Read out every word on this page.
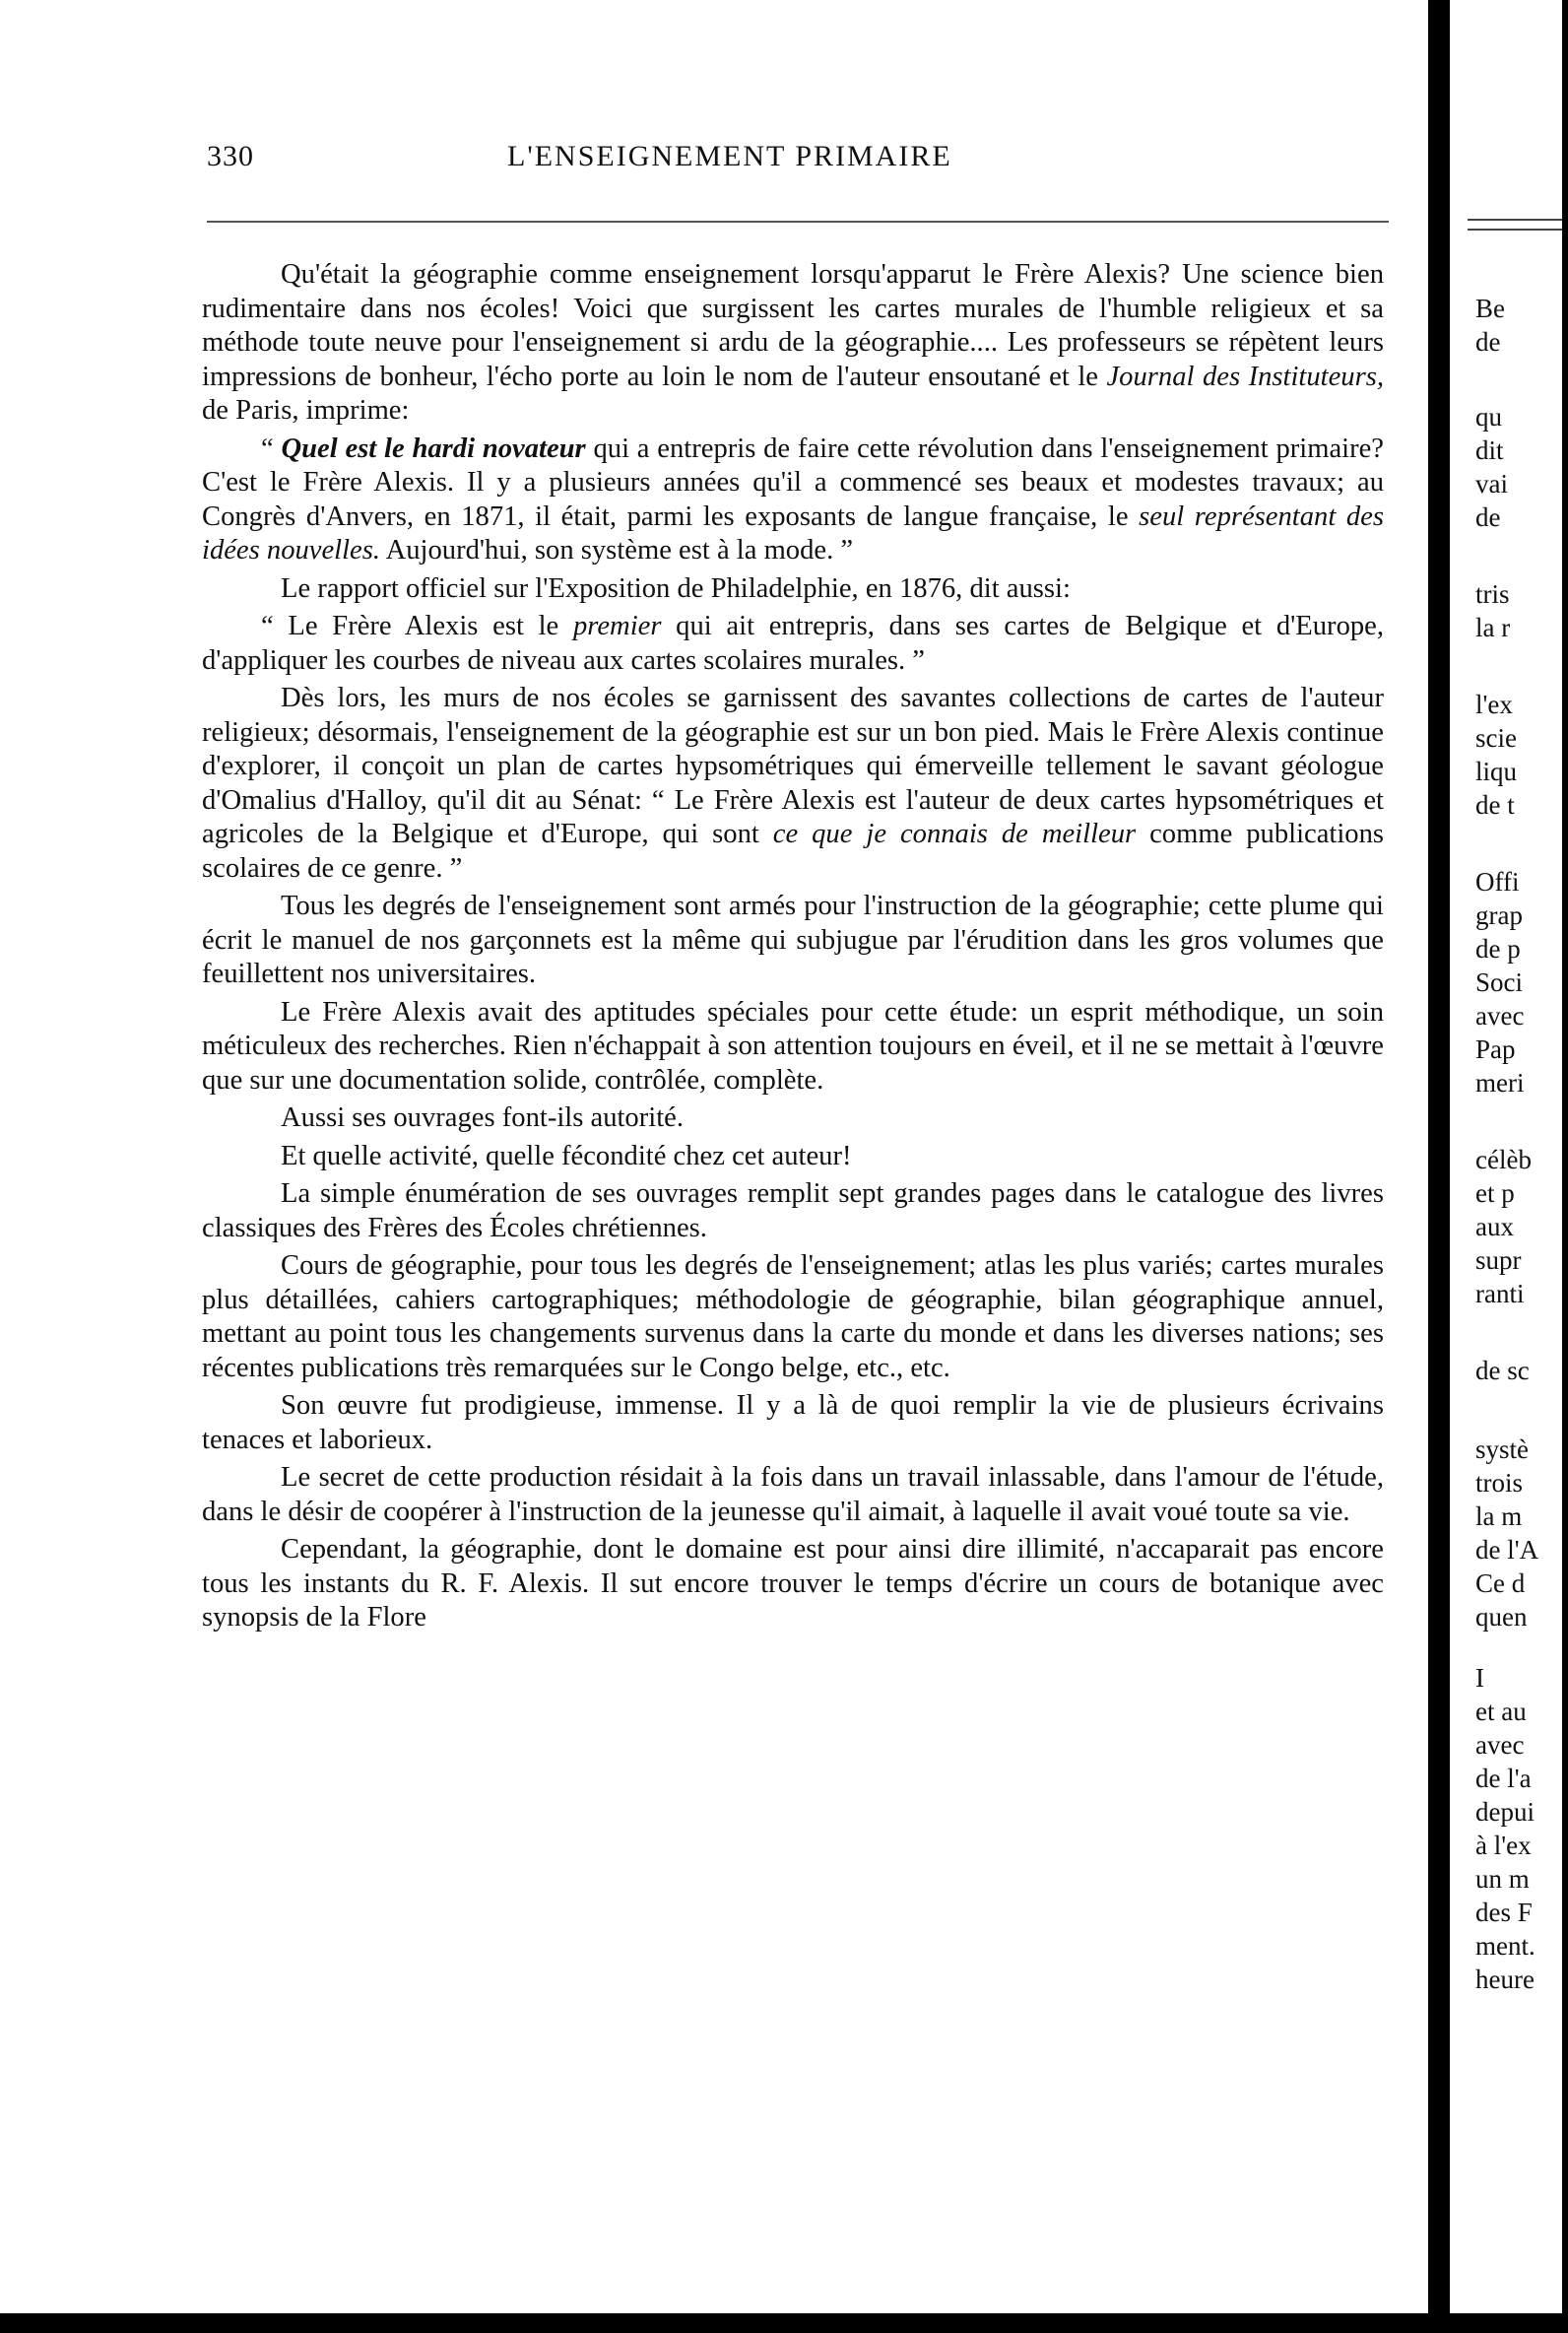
330	L'ENSEIGNEMENT PRIMAIRE

Qu'était la géographie comme enseignement lorsqu'apparut le Frère Alexis? Une science bien rudimentaire dans nos écoles! Voici que surgissent les cartes murales de l'humble religieux et sa méthode toute neuve pour l'enseignement si ardu de la géographie.... Les professeurs se répètent leurs impressions de bonheur, l'écho porte au loin le nom de l'auteur ensoutané et le Journal des Instituteurs, de Paris, imprime:

“ Quel est le hardi novateur qui a entrepris de faire cette révolution dans l'enseignement primaire? C'est le Frère Alexis. Il y a plusieurs années qu'il a commencé ses beaux et modestes travaux; au Congrès d'Anvers, en 1871, il était, parmi les exposants de langue française, le seul représentant des idées nouvelles. Aujourd'hui, son système est à la mode. ”

Le rapport officiel sur l'Exposition de Philadelphie, en 1876, dit aussi:

“ Le Frère Alexis est le premier qui ait entrepris, dans ses cartes de Belgique et d'Europe, d'appliquer les courbes de niveau aux cartes scolaires murales. ”

Dès lors, les murs de nos écoles se garnissent des savantes collections de cartes de l'auteur religieux; désormais, l'enseignement de la géographie est sur un bon pied. Mais le Frère Alexis continue d'explorer, il conçoit un plan de cartes hypsométriques qui émerveille tellement le savant géologue d'Omalius d'Halloy, qu'il dit au Sénat: “ Le Frère Alexis est l'auteur de deux cartes hypsométriques et agricoles de la Belgique et d'Europe, qui sont ce que je connais de meilleur comme publications scolaires de ce genre. ”

Tous les degrés de l'enseignement sont armés pour l'instruction de la géographie; cette plume qui écrit le manuel de nos garçonnets est la même qui subjugue par l'érudition dans les gros volumes que feuillettent nos universitaires.

Le Frère Alexis avait des aptitudes spéciales pour cette étude: un esprit méthodique, un soin méticuleux des recherches. Rien n'échappait à son attention toujours en éveil, et il ne se mettait à l'œuvre que sur une documentation solide, contrôlée, complète.

Aussi ses ouvrages font-ils autorité.

Et quelle activité, quelle fécondité chez cet auteur!

La simple énumération de ses ouvrages remplit sept grandes pages dans le catalogue des livres classiques des Frères des Écoles chrétiennes.

Cours de géographie, pour tous les degrés de l'enseignement; atlas les plus variés; cartes murales plus détaillées, cahiers cartographiques; méthodologie de géographie, bilan géographique annuel, mettant au point tous les changements survenus dans la carte du monde et dans les diverses nations; ses récentes publications très remarquées sur le Congo belge, etc., etc.

Son œuvre fut prodigieuse, immense. Il y a là de quoi remplir la vie de plusieurs écrivains tenaces et laborieux.

Le secret de cette production résidait à la fois dans un travail inlassable, dans l'amour de l'étude, dans le désir de coopérer à l'instruction de la jeunesse qu'il aimait, à laquelle il avait voué toute sa vie.

Cependant, la géographie, dont le domaine est pour ainsi dire illimité, n'accaparait pas encore tous les instants du R. F. Alexis. Il sut encore trouver le temps d'écrire un cours de botanique avec synopsis de la Flore

Be
de
qu
dit
vai
de
tris
la r
l'ex
scie
liqu
de t
Offi
grap
de p
Soci
avec
Pap
meri
célèb
et p
aux
supr
ranti
de sc
systè
trois
la m
de l'A
Ce d
quen
I
et au
avec
de l'a
depui
à l'ex
un m
des F
ment.
heure
